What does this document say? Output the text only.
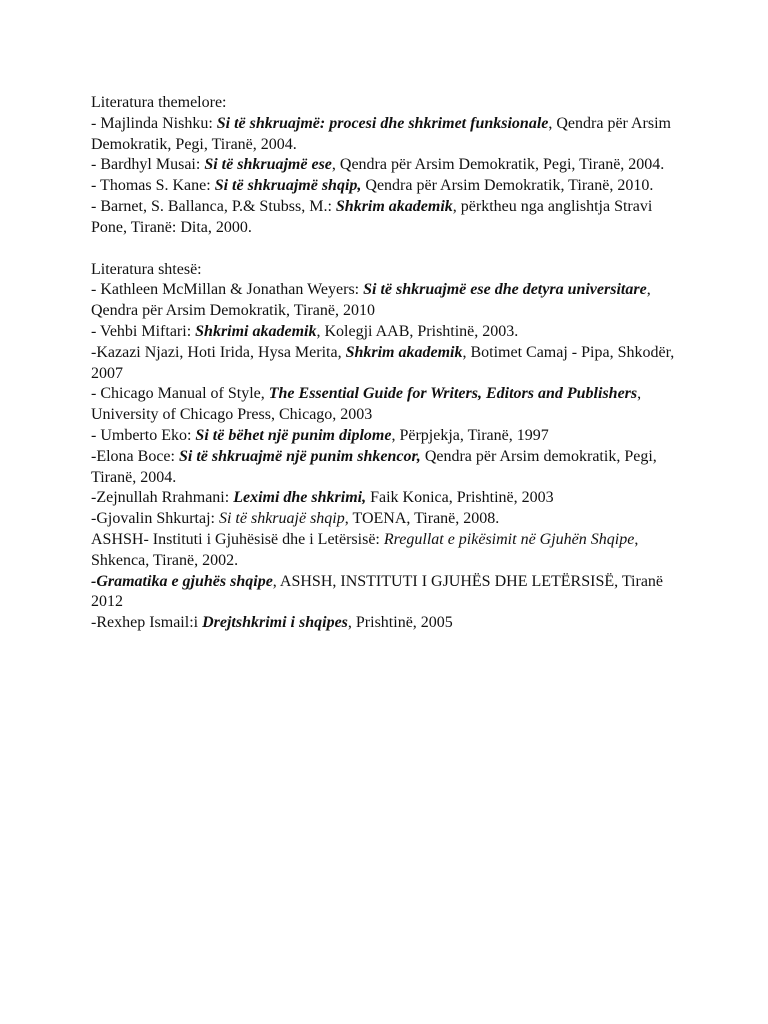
Literatura themelore:

- Majlinda Nishku: Si të shkruajmë: procesi dhe shkrimet funksionale, Qendra për Arsim Demokratik, Pegi, Tiranë, 2004.

- Bardhyl Musai: Si të shkruajmë ese, Qendra për Arsim Demokratik, Pegi, Tiranë, 2004.

- Thomas S. Kane: Si të shkruajmë shqip, Qendra për Arsim Demokratik, Tiranë, 2010.

- Barnet, S. Ballanca, P.& Stubss, M.: Shkrim akademik, përktheu nga anglishtja Stravi Pone, Tiranë: Dita, 2000.

Literatura shtesë:

- Kathleen McMillan & Jonathan Weyers: Si të shkruajmë ese dhe detyra universitare, Qendra për Arsim Demokratik, Tiranë, 2010

- Vehbi Miftari: Shkrimi akademik, Kolegji AAB, Prishtinë, 2003.

-Kazazi Njazi, Hoti Irida, Hysa Merita, Shkrim akademik, Botimet Camaj - Pipa, Shkodër, 2007

- Chicago Manual of Style, The Essential Guide for Writers, Editors and Publishers, University of Chicago Press, Chicago, 2003

- Umberto Eko: Si të bëhet një punim diplome, Përpjekja, Tiranë, 1997

-Elona Boce: Si të shkruajmë një punim shkencor, Qendra për Arsim demokratik, Pegi, Tiranë, 2004.

-Zejnullah Rrahmani: Leximi dhe shkrimi, Faik Konica, Prishtinë, 2003

-Gjovalin Shkurtaj: Si të shkruajë shqip, TOENA, Tiranë, 2008.

ASHSH- Instituti i Gjuhësisë dhe i Letërsisë: Rregullat e pikësimit në Gjuhën Shqipe, Shkenca, Tiranë, 2002.

-Gramatika e gjuhës shqipe, ASHSH, INSTITUTI I GJUHËS DHE LETËRSISË, Tiranë 2012

-Rexhep Ismail:i Drejtshkrimi i shqipes, Prishtinë, 2005
